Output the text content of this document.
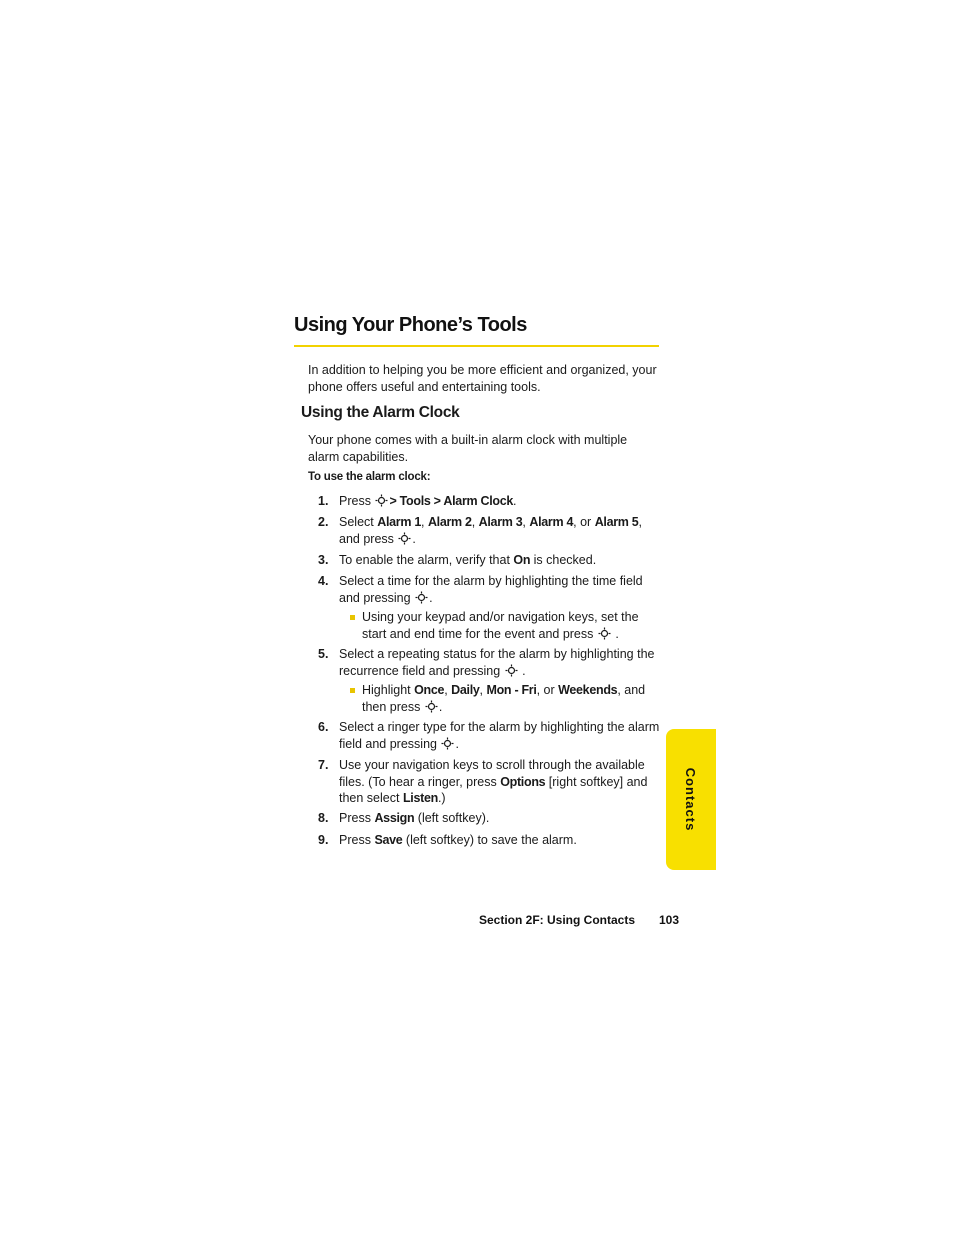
Using Your Phone’s Tools

In addition to helping you be more efficient and organized, your phone offers useful and entertaining tools.

Using the Alarm Clock

Your phone comes with a built-in alarm clock with multiple alarm capabilities.

To use the alarm clock:

1. Press
> Tools > Alarm Clock.
2. Select Alarm 1, Alarm 2, Alarm 3, Alarm 4, or Alarm 5, and press
.
3. To enable the alarm, verify that On is checked.
4. Select a time for the alarm by highlighting the time field and pressing
.
Using your keypad and/or navigation keys, set the start and end time for the event and press
.
5. Select a repeating status for the alarm by highlighting the recurrence field and pressing
.
Highlight Once, Daily, Mon - Fri, or Weekends, and then press
.
6. Select a ringer type for the alarm by highlighting the alarm field and pressing
.
7. Use your navigation keys to scroll through the available files. (To hear a ringer, press Options [right softkey] and then select Listen.)
8. Press Assign (left softkey).
9. Press Save (left softkey) to save the alarm.
Contacts
Section 2F: Using Contacts 103
